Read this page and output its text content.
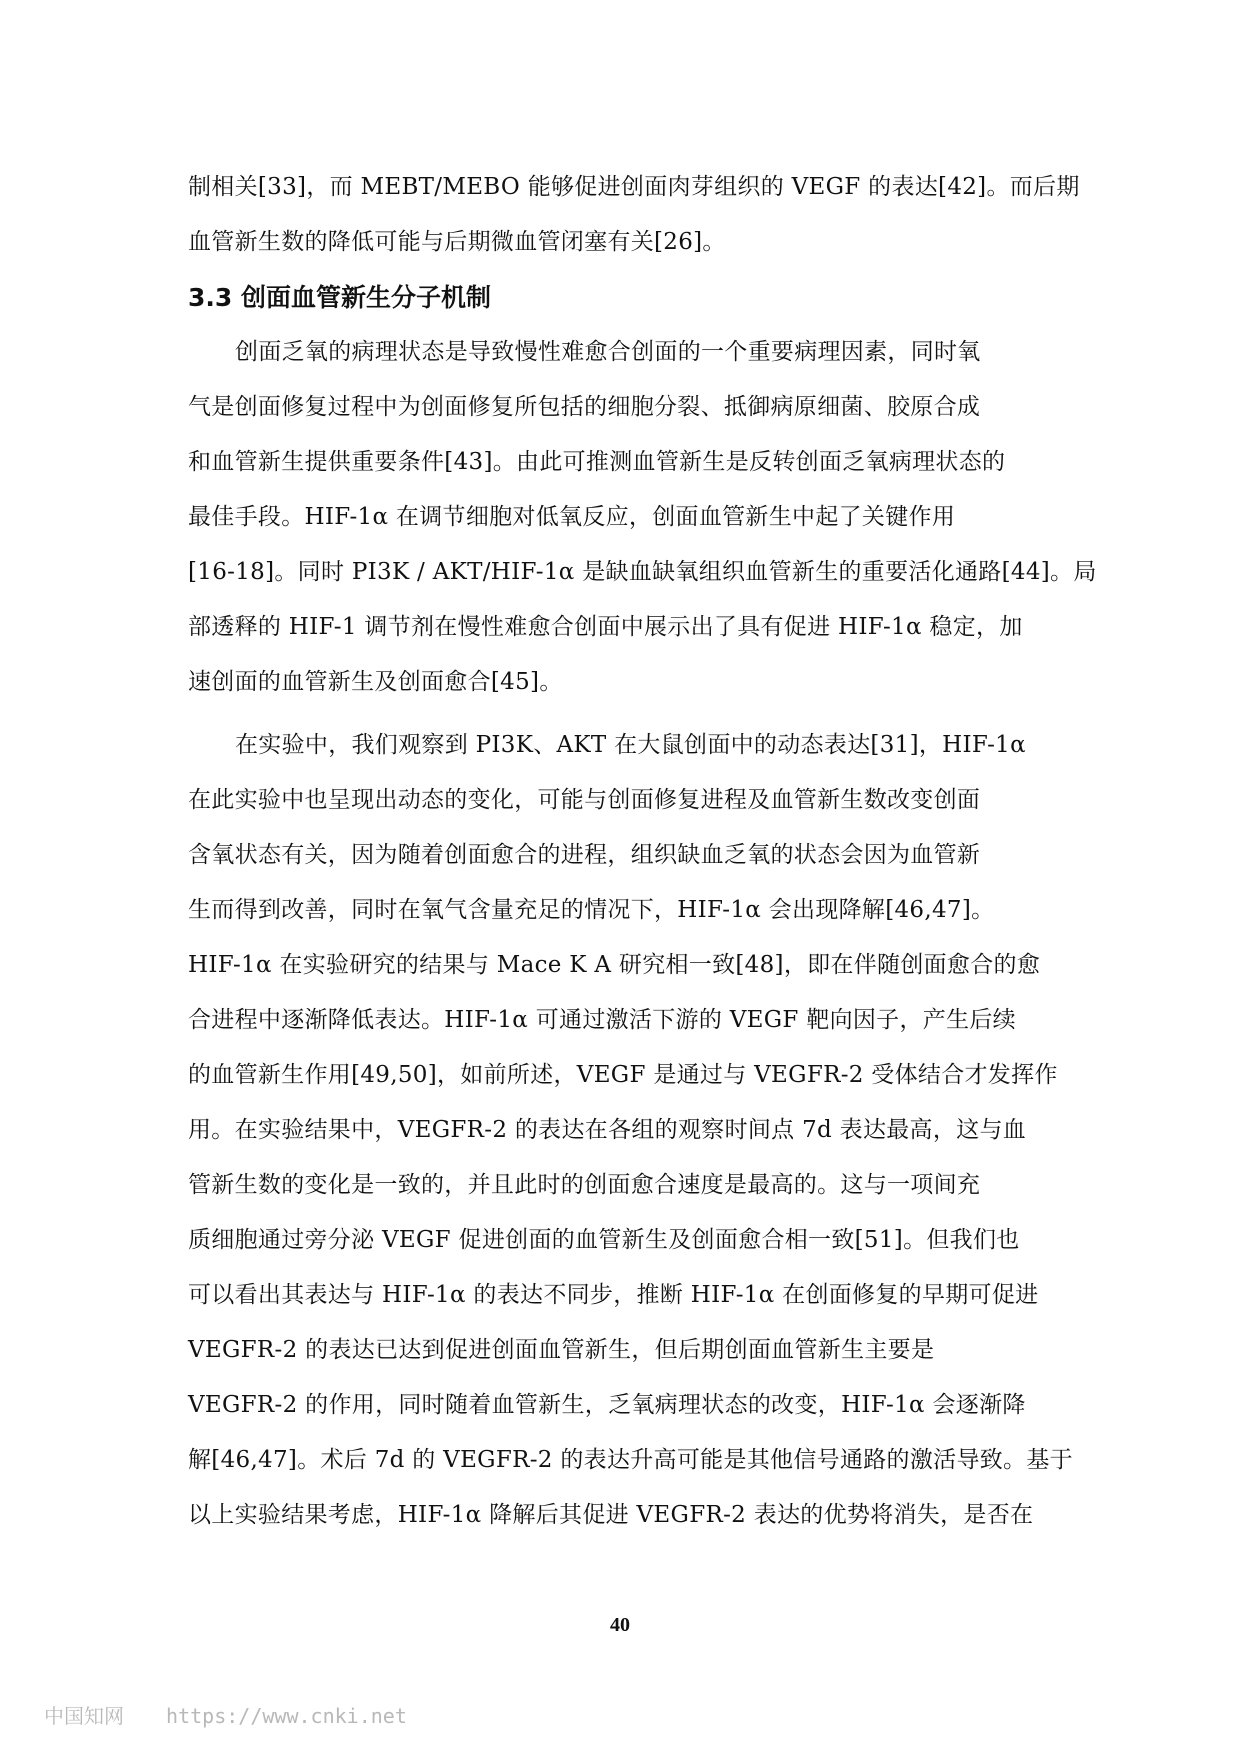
制相关[33]，而 MEBT/MEBO 能够促进创面肉芽组织的 VEGF 的表达[42]。而后期
血管新生数的降低可能与后期微血管闭塞有关[26]。
3.3 创面血管新生分子机制
创面乏氧的病理状态是导致慢性难愈合创面的一个重要病理因素，同时氧
气是创面修复过程中为创面修复所包括的细胞分裂、抵御病原细菌、胶原合成
和血管新生提供重要条件[43]。由此可推测血管新生是反转创面乏氧病理状态的
最佳手段。HIF-1α 在调节细胞对低氧反应，创面血管新生中起了关键作用
[16-18]。同时 PI3K / AKT/HIF-1α 是缺血缺氧组织血管新生的重要活化通路[44]。局
部透释的 HIF-1 调节剂在慢性难愈合创面中展示出了具有促进 HIF-1α 稳定，加
速创面的血管新生及创面愈合[45]。
在实验中，我们观察到 PI3K、AKT 在大鼠创面中的动态表达[31]，HIF-1α
在此实验中也呈现出动态的变化，可能与创面修复进程及血管新生数改变创面
含氧状态有关，因为随着创面愈合的进程，组织缺血乏氧的状态会因为血管新
生而得到改善，同时在氧气含量充足的情况下，HIF-1α 会出现降解[46,47]。
HIF-1α 在实验研究的结果与 Mace K A 研究相一致[48]，即在伴随创面愈合的愈
合进程中逐渐降低表达。HIF-1α 可通过激活下游的 VEGF 靶向因子，产生后续
的血管新生作用[49,50]，如前所述，VEGF 是通过与 VEGFR-2 受体结合才发挥作
用。在实验结果中，VEGFR-2 的表达在各组的观察时间点 7d 表达最高，这与血
管新生数的变化是一致的，并且此时的创面愈合速度是最高的。这与一项间充
质细胞通过旁分泌 VEGF 促进创面的血管新生及创面愈合相一致[51]。但我们也
可以看出其表达与 HIF-1α 的表达不同步，推断 HIF-1α 在创面修复的早期可促进
VEGFR-2 的表达已达到促进创面血管新生，但后期创面血管新生主要是
VEGFR-2 的作用，同时随着血管新生，乏氧病理状态的改变，HIF-1α 会逐渐降
解[46,47]。术后 7d 的 VEGFR-2 的表达升高可能是其他信号通路的激活导致。基于
以上实验结果考虑，HIF-1α 降解后其促进 VEGFR-2 表达的优势将消失，是否在
40
中国知网 https://www.cnki.net
